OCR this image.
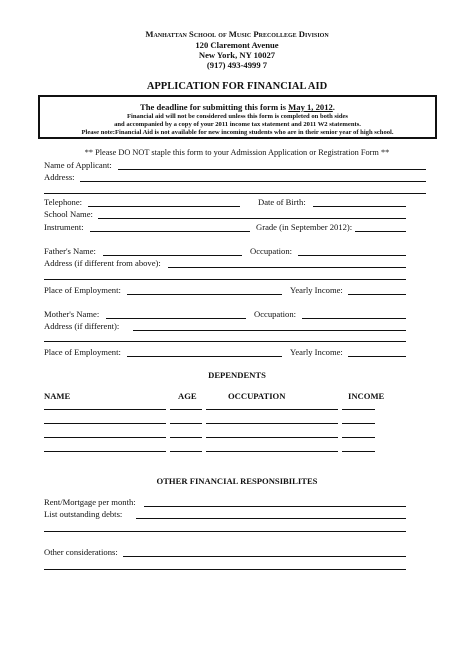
Manhattan School of Music Precollege Division
120 Claremont Avenue
New York, NY 10027
(917) 493-4999 7
APPLICATION FOR FINANCIAL AID
The deadline for submitting this form is May 1, 2012.
Financial aid will not be considered unless this form is completed on both sides
and accompanied by a copy of your 2011 income tax statement and 2011 W2 statements.
Please note:Financial Aid is not available for new incoming students who are in their senior year of high school.
** Please DO NOT staple this form to your Admission Application or Registration Form **
Name of Applicant:
Address:
Telephone:	Date of Birth:
School Name:
Instrument:	Grade (in September 2012):
Father's Name:	Occupation:
Address (if different from above):
Place of Employment:	Yearly Income:
Mother's Name:	Occupation:
Address (if different):
Place of Employment:	Yearly Income:
DEPENDENTS
NAME	AGE	OCCUPATION	INCOME
OTHER FINANCIAL RESPONSIBILITES
Rent/Mortgage per month:
List outstanding debts:
Other considerations:
